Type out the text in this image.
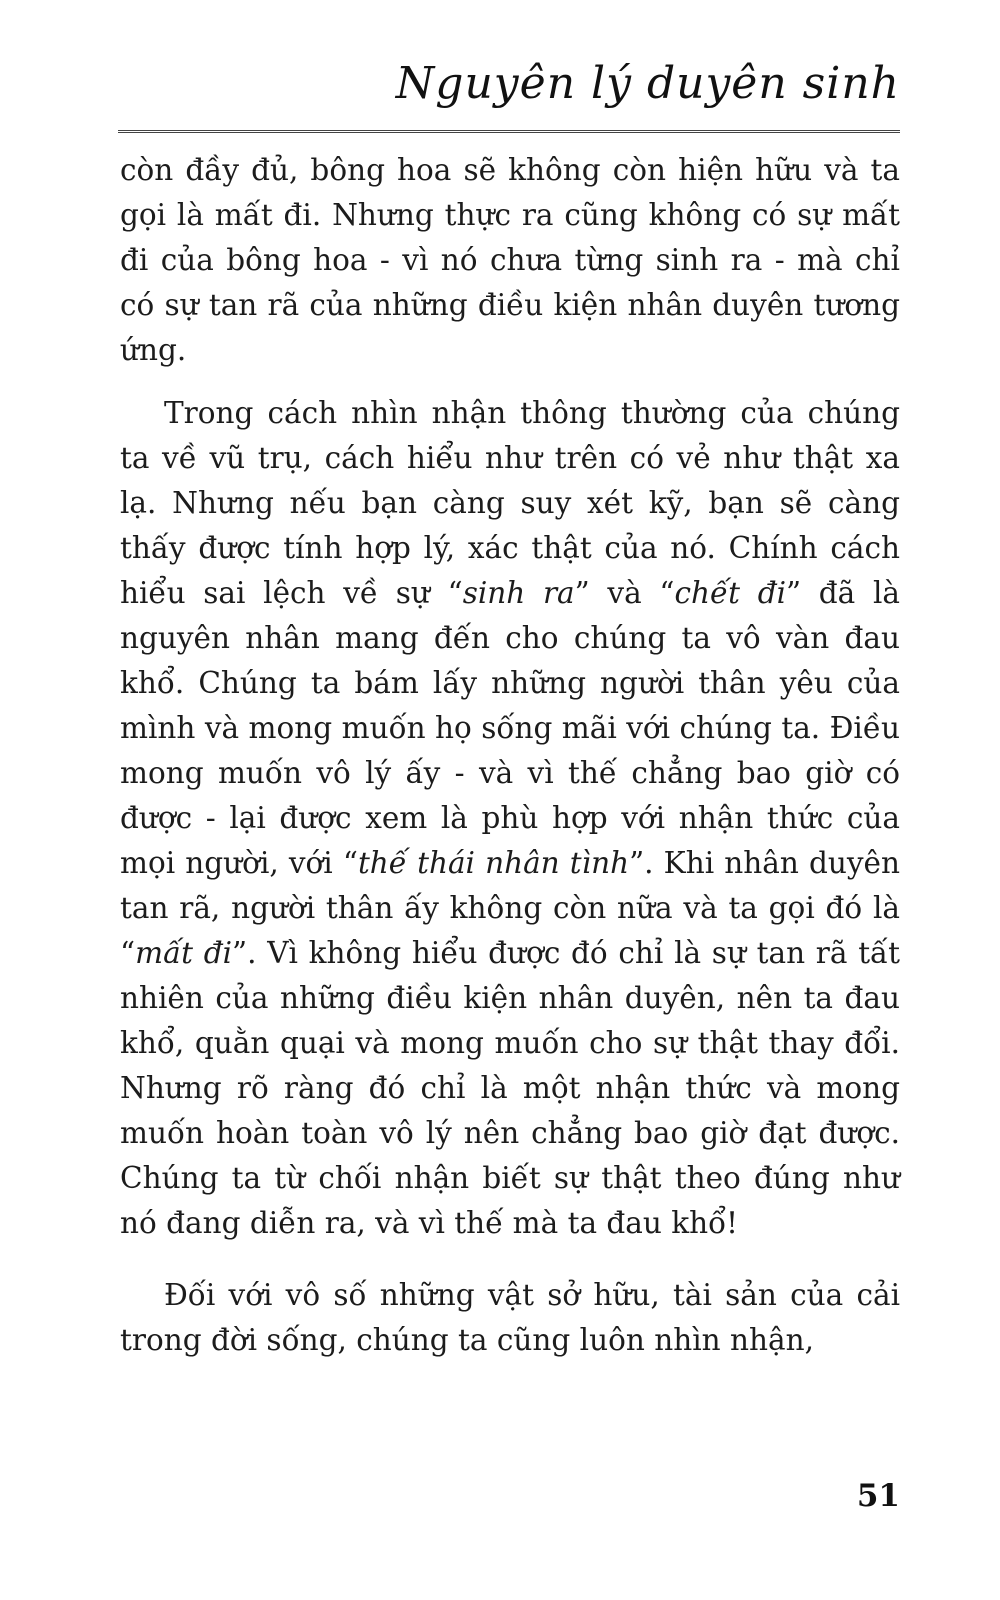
Nguyên lý duyên sinh

còn đầy đủ, bông hoa sẽ không còn hiện hữu và ta gọi là mất đi. Nhưng thực ra cũng không có sự mất đi của bông hoa - vì nó chưa từng sinh ra - mà chỉ có sự tan rã của những điều kiện nhân duyên tương ứng.

Trong cách nhìn nhận thông thường của chúng ta về vũ trụ, cách hiểu như trên có vẻ như thật xa lạ. Nhưng nếu bạn càng suy xét kỹ, bạn sẽ càng thấy được tính hợp lý, xác thật của nó. Chính cách hiểu sai lệch về sự “sinh ra” và “chết đi” đã là nguyên nhân mang đến cho chúng ta vô vàn đau khổ. Chúng ta bám lấy những người thân yêu của mình và mong muốn họ sống mãi với chúng ta. Điều mong muốn vô lý ấy - và vì thế chẳng bao giờ có được - lại được xem là phù hợp với nhận thức của mọi người, với “thế thái nhân tình”. Khi nhân duyên tan rã, người thân ấy không còn nữa và ta gọi đó là “mất đi”. Vì không hiểu được đó chỉ là sự tan rã tất nhiên của những điều kiện nhân duyên, nên ta đau khổ, quằn quại và mong muốn cho sự thật thay đổi. Nhưng rõ ràng đó chỉ là một nhận thức và mong muốn hoàn toàn vô lý nên chẳng bao giờ đạt được. Chúng ta từ chối nhận biết sự thật theo đúng như nó đang diễn ra, và vì thế mà ta đau khổ!

Đối với vô số những vật sở hữu, tài sản của cải trong đời sống, chúng ta cũng luôn nhìn nhận,

51
